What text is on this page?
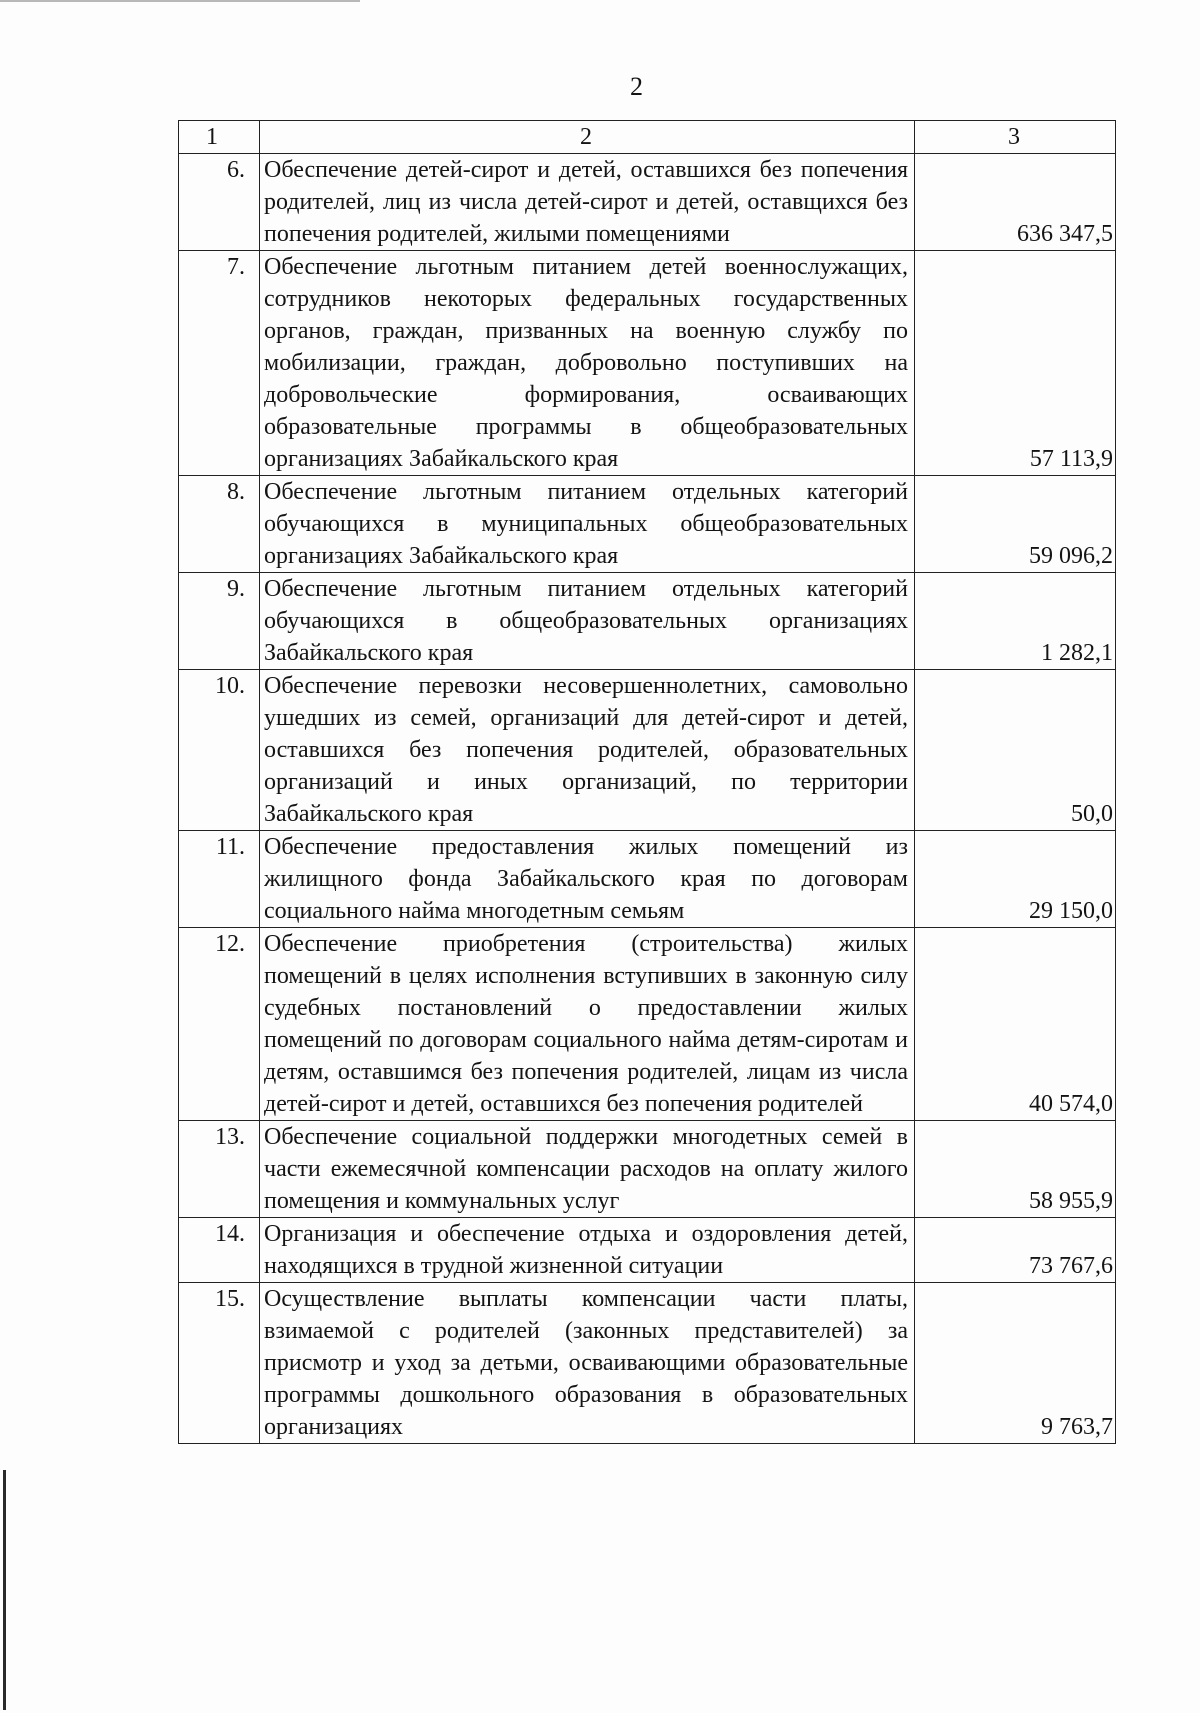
2
1	2	3
6.	Обеспечение детей-сирот и детей, оставшихся без попечения родителей, лиц из числа детей-сирот и детей, оставщихся без попечения родителей, жилыми помещениями	636 347,5
7.	Обеспечение льготным питанием детей военнослужащих, сотрудников некоторых федеральных государственных органов, граждан, призванных на военную службу по мобилизации, граждан, добровольно поступивших на добровольческие формирования, осваивающих образовательные программы в общеобразовательных организациях Забайкальского края	57 113,9
8.	Обеспечение льготным питанием отдельных категорий обучающихся в муниципальных общеобразовательных организациях Забайкальского края	59 096,2
9.	Обеспечение льготным питанием отдельных категорий обучающихся в общеобразовательных организациях Забайкальского края	1 282,1
10.	Обеспечение перевозки несовершеннолетних, самовольно ушедших из семей, организаций для детей-сирот и детей, оставшихся без попечения родителей, образовательных организаций и иных организаций, по территории Забайкальского края	50,0
11.	Обеспечение предоставления жилых помещений из жилищного фонда Забайкальского края по договорам социального найма многодетным семьям	29 150,0
12.	Обеспечение приобретения (строительства) жилых помещений в целях исполнения вступивших в законную силу судебных постановлений о предоставлении жилых помещений по договорам социального найма детям-сиротам и детям, оставшимся без попечения родителей, лицам из числа детей-сирот и детей, оставшихся без попечения родителей	40 574,0
13.	Обеспечение социальной поддержки многодетных семей в части ежемесячной компенсации расходов на оплату жилого помещения и коммунальных услуг	58 955,9
14.	Организация и обеспечение отдыха и оздоровления детей, находящихся в трудной жизненной ситуации	73 767,6
15.	Осуществление выплаты компенсации части платы, взимаемой с родителей (законных представителей) за присмотр и уход за детьми, осваивающими образовательные программы дошкольного образования в образовательных организациях	9 763,7
